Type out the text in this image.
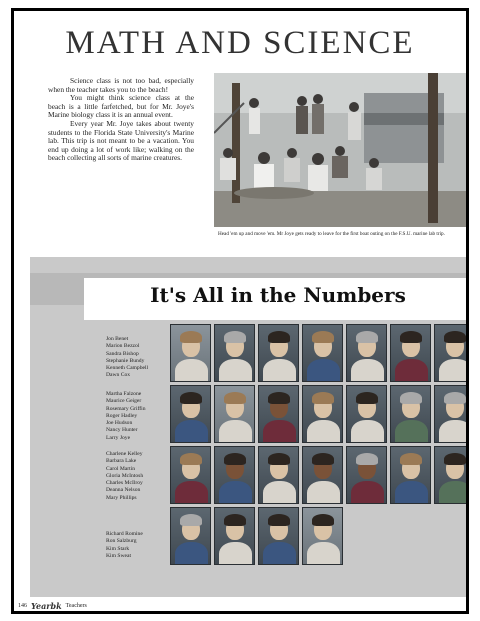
MATH AND SCIENCE

Science class is not too bad, especially when the teacher takes you to the beach!

You might think science class at the beach is a little farfetched, but for Mr. Joye's Marine biology class it is an annual event.

Every year Mr. Joye takes about twenty students to the Florida State University's Marine lab. This trip is not meant to be a vacation. You end up doing a lot of work like; walking on the beach collecting all sorts of marine creatures.

Head 'em up and move 'em. Mr Joye gets ready to leave for the first boat outing on the F.S.U. marine lab trip.
It's All in the Numbers
Jon Benet
Marion Bezzol
Sandra Bishop
Stephanie Bundy
Kenneth Campbell
Dawn Cox
Martha Falzone
Maurice Geiger
Rosemary Griffin
Roger Hadley
Joe Hudson
Nancy Hunter
Larry Joye
Charlene Kelley
Barbara Lake
Carol Martin
Gloria McIntosh
Charles McIlroy
Deanna Nelson
Mary Phillips
Richard Romine
Ron Salzburg
Kim Stark
Kim Sweat
146 Yearbk Teachers
